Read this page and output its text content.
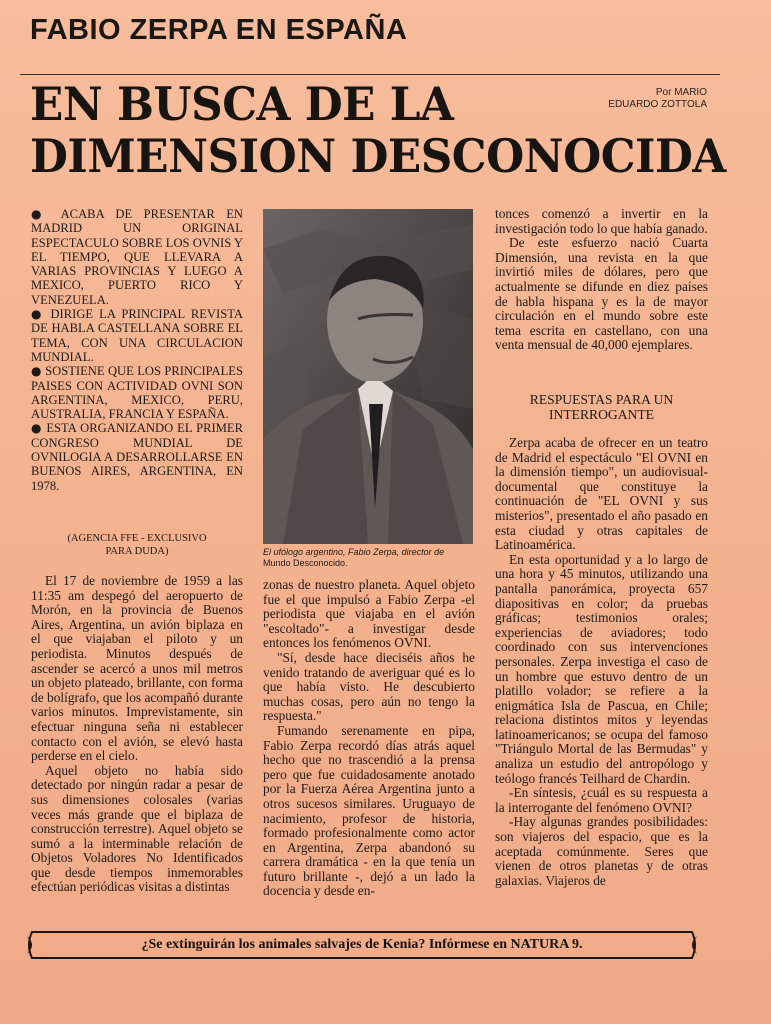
FABIO ZERPA EN ESPAÑA
EN BUSCA DE LA
DIMENSION DESCONOCIDA
Por MARIO
EDUARDO ZOTTOLA
● ACABA DE PRESENTAR EN MADRID UN ORIGINAL ESPECTACULO SOBRE LOS OVNIS Y EL TIEMPO, QUE LLEVARA A VARIAS PROVINCIAS Y LUEGO A MEXICO, PUERTO RICO Y VENEZUELA.
● DIRIGE LA PRINCIPAL REVISTA DE HABLA CASTELLANA SOBRE EL TEMA, CON UNA CIRCULACION MUNDIAL.
● SOSTIENE QUE LOS PRINCIPALES PAISES CON ACTIVIDAD OVNI SON ARGENTINA, MEXICO, PERU, AUSTRALIA, FRANCIA Y ESPAÑA.
● ESTA ORGANIZANDO EL PRIMER CONGRESO MUNDIAL DE OVNILOGIA A DESARROLLARSE EN BUENOS AIRES, ARGENTINA, EN 1978.
(AGENCIA FFE - EXCLUSIVO
PARA DUDA)

El 17 de noviembre de 1959 a las 11:35 am despegó del aeropuerto de Morón, en la provincia de Buenos Aires, Argentina, un avión biplaza en el que viajaban el piloto y un periodista. Minutos después de ascender se acercó a unos mil metros un objeto plateado, brillante, con forma de bolígrafo, que los acompañó durante varios minutos. Imprevistamente, sin efectuar ninguna seña ni establecer contacto con el avión, se elevó hasta perderse en el cielo.

Aquel objeto no había sido detectado por ningún radar a pesar de sus dimensiones colosales (varias veces más grande que el biplaza de construcción terrestre). Aquel objeto se sumó a la interminable relación de Objetos Voladores No Identificados que desde tiempos inmemorables efectúan periódicas visitas a distintas

El ufólogo argentino, Fabio Zerpa, director de
Mundo Desconocido.

zonas de nuestro planeta. Aquel objeto fue el que impulsó a Fabio Zerpa -el periodista que viajaba en el avión "escoltado"- a investigar desde entonces los fenómenos OVNI.

"Sí, desde hace dieciséis años he venido tratando de averiguar qué es lo que había visto. He descubierto muchas cosas, pero aún no tengo la respuesta."

Fumando serenamente en pipa, Fabio Zerpa recordó días atrás aquel hecho que no trascendió a la prensa pero que fue cuidadosamente anotado por la Fuerza Aérea Argentina junto a otros sucesos similares. Uruguayo de nacimiento, profesor de historia, formado profesionalmente como actor en Argentina, Zerpa abandonó su carrera dramática - en la que tenía un futuro brillante -, dejó a un lado la docencia y desde en-

tonces comenzó a invertir en la investigación todo lo que había ganado.

De este esfuerzo nació Cuarta Dimensión, una revista en la que invirtió miles de dólares, pero que actualmente se difunde en diez países de habla hispana y es la de mayor circulación en el mundo sobre este tema escrita en castellano, con una venta mensual de 40,000 ejemplares.

RESPUESTAS PARA UN
INTERROGANTE

Zerpa acaba de ofrecer en un teatro de Madrid el espectáculo "El OVNI en la dimensión tiempo", un audiovisual-documental que constituye la continuación de "EL OVNI y sus misterios", presentado el año pasado en esta ciudad y otras capitales de Latinoamérica.

En esta oportunidad y a lo largo de una hora y 45 minutos, utilizando una pantalla panorámica, proyecta 657 diapositivas en color; da pruebas gráficas; testimonios orales; experiencias de aviadores; todo coordinado con sus intervenciones personales. Zerpa investiga el caso de un hombre que estuvo dentro de un platillo volador; se refiere a la enigmática Isla de Pascua, en Chile; relaciona distintos mitos y leyendas latinoamericanos; se ocupa del famoso "Triángulo Mortal de las Bermudas" y analiza un estudio del antropólogo y teólogo francés Teilhard de Chardin.

-En síntesis, ¿cuál es su respuesta a la interrogante del fenómeno OVNI?

-Hay algunas grandes posibilidades: son viajeros del espacio, que es la aceptada comúnmente. Seres que vienen de otros planetas y de otras galaxias. Viajeros de

¿Se extinguirán los animales salvajes de Kenia? Infórmese en NATURA 9.
